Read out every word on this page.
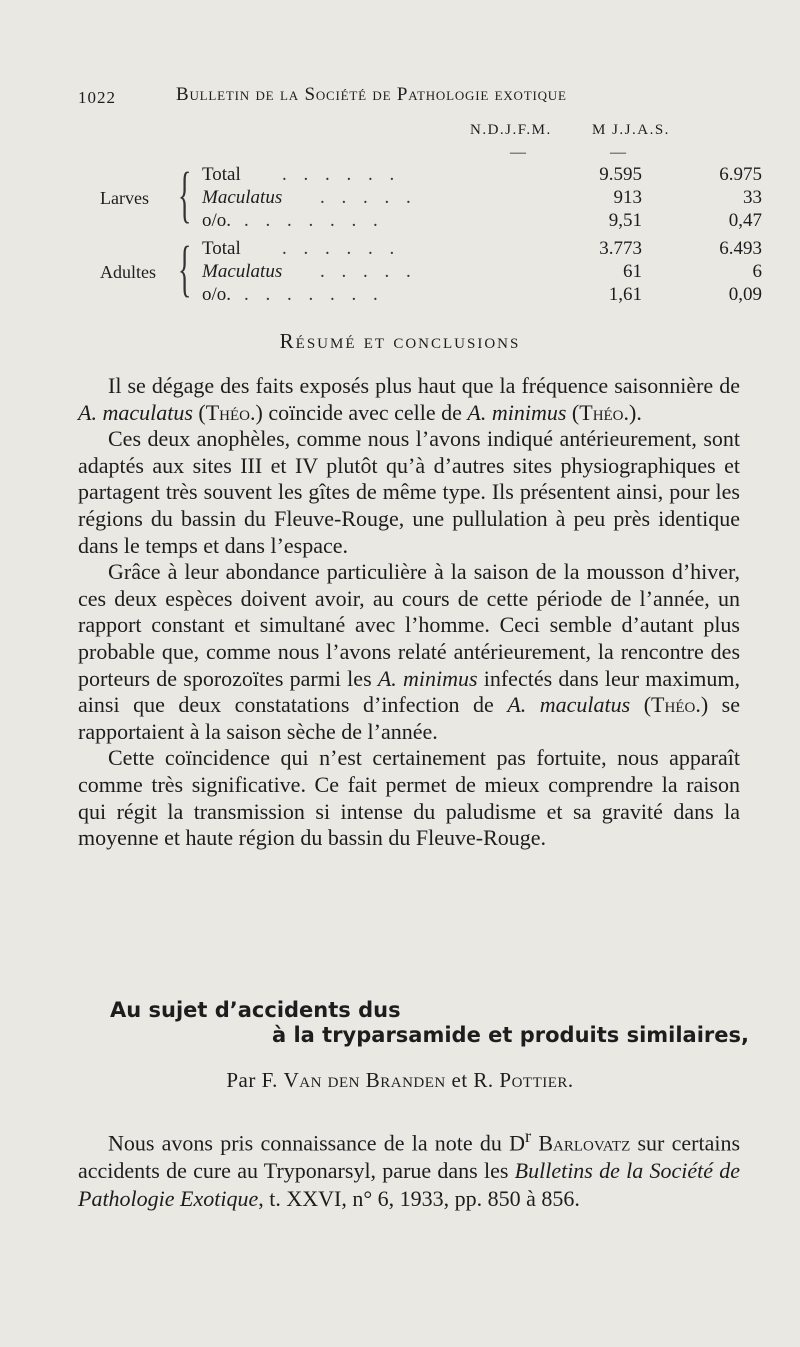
1022	Bulletin de la Société de Pathologie exotique
N.D.J.F.M.	M J.J.A.S.
—	—
Larves { Total . . . . . .	9.595	6.975
Maculatus . . . . .	913	33
o/o. . . . . . . .	9,51	0,47
Adultes { Total . . . . . .	3.773	6.493
Maculatus . . . . .	61	6
o/o. . . . . . . .	1,61	0,09
Résumé et conclusions

Il se dégage des faits exposés plus haut que la fréquence saisonnière de A. maculatus (Théo.) coïncide avec celle de A. minimus (Théo.).

Ces deux anophèles, comme nous l’avons indiqué antérieurement, sont adaptés aux sites III et IV plutôt qu’à d’autres sites physiographiques et partagent très souvent les gîtes de même type. Ils présentent ainsi, pour les régions du bassin du Fleuve-Rouge, une pullulation à peu près identique dans le temps et dans l’espace.

Grâce à leur abondance particulière à la saison de la mousson d’hiver, ces deux espèces doivent avoir, au cours de cette période de l’année, un rapport constant et simultané avec l’homme. Ceci semble d’autant plus probable que, comme nous l’avons relaté antérieurement, la rencontre des porteurs de sporozoïtes parmi les A. minimus infectés dans leur maximum, ainsi que deux constatations d’infection de A. maculatus (Théo.) se rapportaient à la saison sèche de l’année.

Cette coïncidence qui n’est certainement pas fortuite, nous apparaît comme très significative. Ce fait permet de mieux comprendre la raison qui régit la transmission si intense du paludisme et sa gravité dans la moyenne et haute région du bassin du Fleuve-Rouge.

Au sujet d’accidents dus
à la tryparsamide et produits similaires,
Par F. Van den Branden et R. Pottier.

Nous avons pris connaissance de la note du $D^r$ Barlovatz sur certains accidents de cure au Tryponarsyl, parue dans les Bulletins de la Société de Pathologie Exotique, t. XXVI, n° 6, 1933, pp. 850 à 856.
